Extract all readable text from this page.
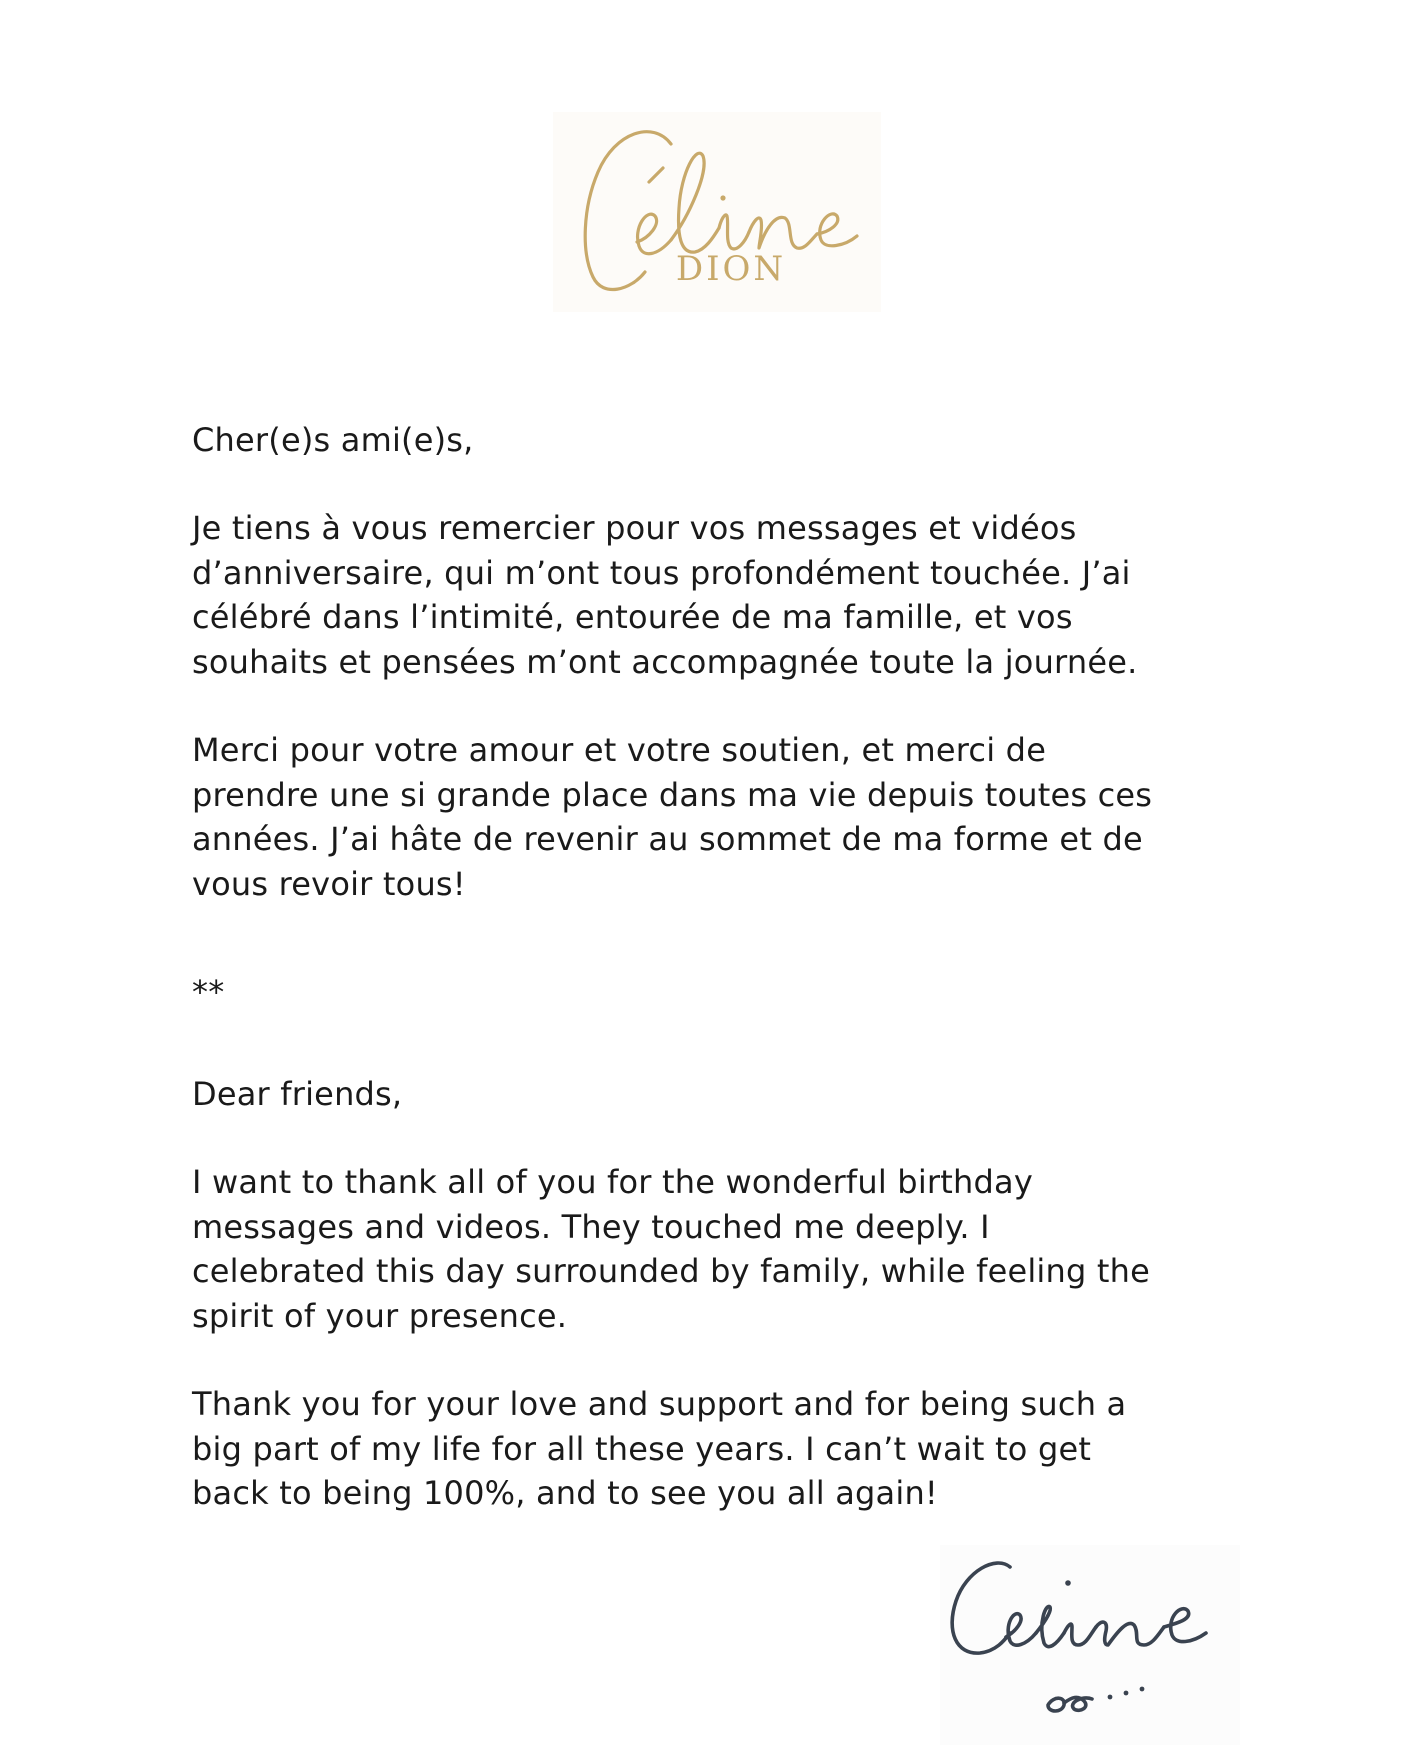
DION
Cher(e)s ami(e)s,
Je tiens à vous remercier pour vos messages et vidéos
d’anniversaire, qui m’ont tous profondément touchée. J’ai
célébré dans l’intimité, entourée de ma famille, et vos
souhaits et pensées m’ont accompagnée toute la journée.
Merci pour votre amour et votre soutien, et merci de
prendre une si grande place dans ma vie depuis toutes ces
années. J’ai hâte de revenir au sommet de ma forme et de
vous revoir tous!
**
Dear friends,
I want to thank all of you for the wonderful birthday
messages and videos. They touched me deeply. I
celebrated this day surrounded by family, while feeling the
spirit of your presence.
Thank you for your love and support and for being such a
big part of my life for all these years. I can’t wait to get
back to being 100%, and to see you all again!
